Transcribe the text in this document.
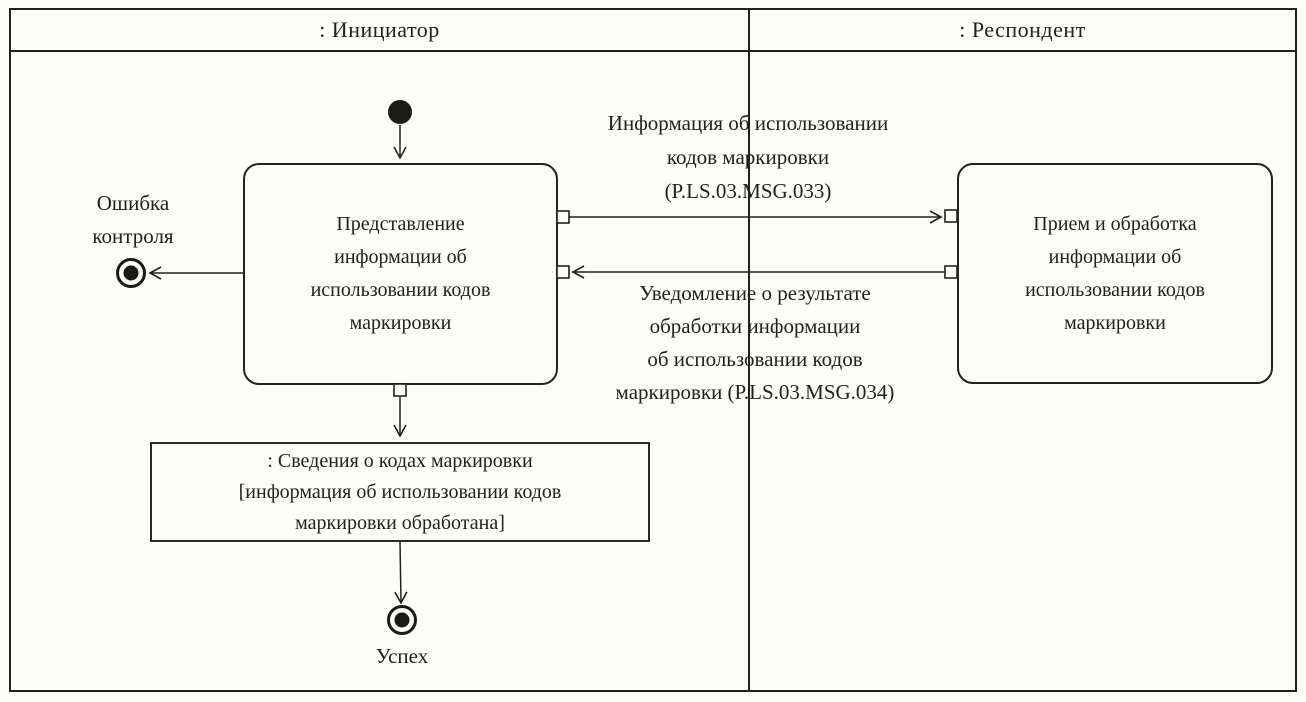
: Инициатор	: Респондент
Представление
информации об
использовании кодов
маркировки
Прием и обработка
информации об
использовании кодов
маркировки
: Сведения о кодах маркировки
[информация об использовании кодов
маркировки обработана]
Информация об использовании
кодов маркировки
(P.LS.03.MSG.033)
Уведомление о результате
обработки информации
об использовании кодов
маркировки (P.LS.03.MSG.034)
Ошибка
контроля
Успех
